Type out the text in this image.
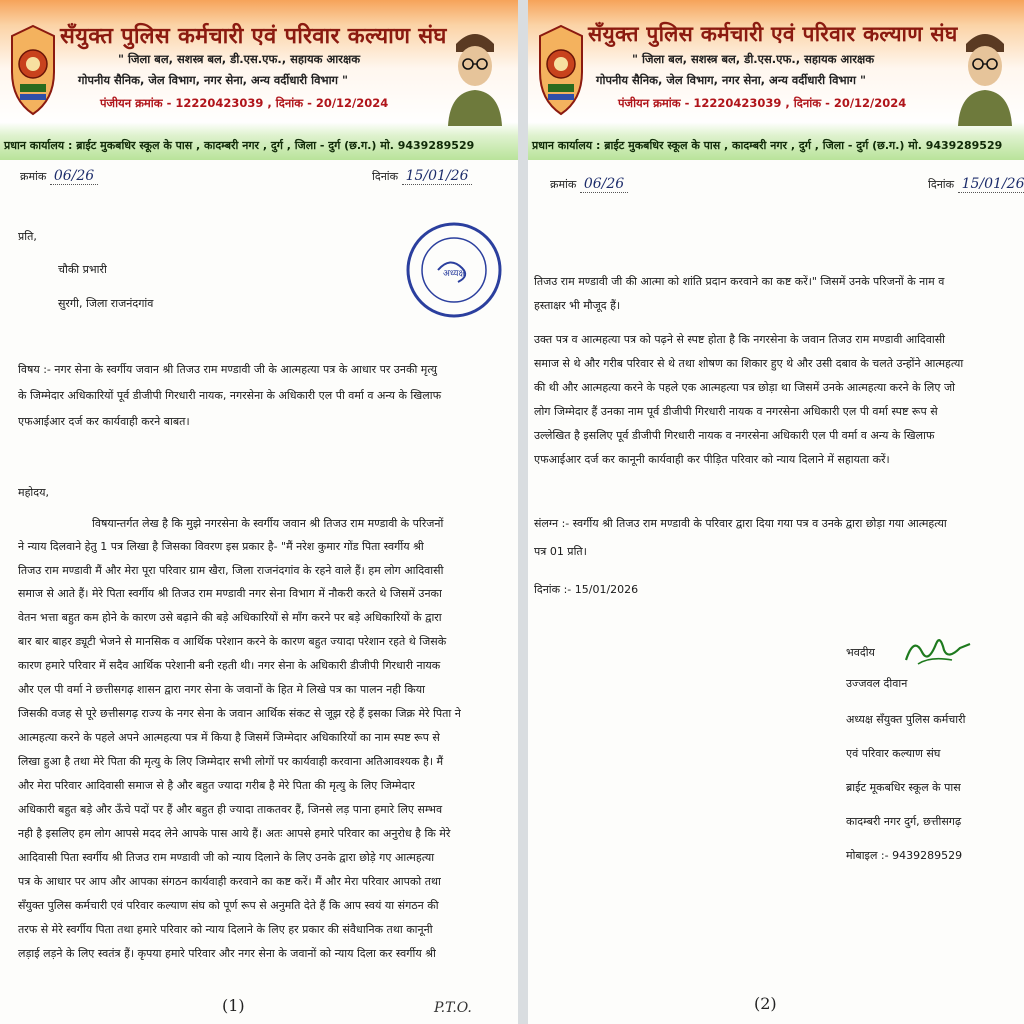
सँयुक्त पुलिस कर्मचारी एवं परिवार कल्याण संघ
" जिला बल, सशस्त्र बल, डी.एस.एफ., सहायक आरक्षक
गोपनीय सैनिक, जेल विभाग, नगर सेना, अन्य वर्दीधारी विभाग "
पंजीयन क्रमांक - 12220423039 , दिनांक - 20/12/2024
प्रधान कार्यालय : ब्राईट मुकबधिर स्कूल के पास , कादम्बरी नगर , दुर्ग , जिला - दुर्ग (छ.ग.) मो. 9439289529
क्रमांक 06/26	दिनांक 15/01/26
प्रति,
चौकी प्रभारी
सुरगी, जिला राजनंदगांव
अध्यक्ष
विषय :- नगर सेना के स्वर्गीय जवान श्री तिजउ राम मण्डावी जी के आत्महत्या पत्र के आधार पर उनकी मृत्यु
के जिम्मेदार अधिकारियों पूर्व डीजीपी गिरधारी नायक, नगरसेना के अधिकारी एल पी वर्मा व अन्य के खिलाफ
एफआईआर दर्ज कर कार्यवाही करने बाबत।
महोदय,
विषयान्तर्गत लेख है कि मुझे नगरसेना के स्वर्गीय जवान श्री तिजउ राम मण्डावी के परिजनों
ने न्याय दिलवाने हेतु 1 पत्र लिखा है जिसका विवरण इस प्रकार है- "मैं नरेश कुमार गोंड पिता स्वर्गीय श्री
तिजउ राम मण्डावी मैं और मेरा पूरा परिवार ग्राम खैरा, जिला राजनंदगांव के रहने वाले हैं। हम लोग आदिवासी
समाज से आते हैं। मेरे पिता स्वर्गीय श्री तिजउ राम मण्डावी नगर सेना विभाग में नौकरी करते थे जिसमें उनका
वेतन भत्ता बहुत कम होने के कारण उसे बढ़ाने की बड़े अधिकारियों से माँग करने पर बड़े अधिकारियों के द्वारा
बार बार बाहर ड्यूटी भेजने से मानसिक व आर्थिक परेशान करने के कारण बहुत ज्यादा परेशान रहते थे जिसके
कारण हमारे परिवार में सदैव आर्थिक परेशानी बनी रहती थी। नगर सेना के अधिकारी डीजीपी गिरधारी नायक
और एल पी वर्मा ने छत्तीसगढ़ शासन द्वारा नगर सेना के जवानों के हित मे लिखे पत्र का पालन नही किया
जिसकी वजह से पूरे छत्तीसगढ़ राज्य के नगर सेना के जवान आर्थिक संकट से जूझ रहे हैं इसका जिक्र मेरे पिता ने
आत्महत्या करने के पहले अपने आत्महत्या पत्र में किया है जिसमें जिम्मेदार अधिकारियों का नाम स्पष्ट रूप से
लिखा हुआ है तथा मेरे पिता की मृत्यु के लिए जिम्मेदार सभी लोगों पर कार्यवाही करवाना अतिआवश्यक है। मैं
और मेरा परिवार आदिवासी समाज से है और बहुत ज्यादा गरीब है मेरे पिता की मृत्यु के लिए जिम्मेदार
अधिकारी बहुत बड़े और ऊँचे पदों पर हैं और बहुत ही ज्यादा ताकतवर हैं, जिनसे लड़ पाना हमारे लिए सम्भव
नही है इसलिए हम लोग आपसे मदद लेने आपके पास आये हैं। अतः आपसे हमारे परिवार का अनुरोध है कि मेरे
आदिवासी पिता स्वर्गीय श्री तिजउ राम मण्डावी जी को न्याय दिलाने के लिए उनके द्वारा छोड़े गए आत्महत्या
पत्र के आधार पर आप और आपका संगठन कार्यवाही करवाने का कष्ट करें। मैं और मेरा परिवार आपको तथा
सँयुक्त पुलिस कर्मचारी एवं परिवार कल्याण संघ को पूर्ण रूप से अनुमति देते हैं कि आप स्वयं या संगठन की
तरफ से मेरे स्वर्गीय पिता तथा हमारे परिवार को न्याय दिलाने के लिए हर प्रकार की संवैधानिक तथा कानूनी
लड़ाई लड़ने के लिए स्वतंत्र हैं। कृपया हमारे परिवार और नगर सेना के जवानों को न्याय दिला कर स्वर्गीय श्री
(1)	P.T.O.
सँयुक्त पुलिस कर्मचारी एवं परिवार कल्याण संघ
" जिला बल, सशस्त्र बल, डी.एस.एफ., सहायक आरक्षक
गोपनीय सैनिक, जेल विभाग, नगर सेना, अन्य वर्दीधारी विभाग "
पंजीयन क्रमांक - 12220423039 , दिनांक - 20/12/2024
प्रधान कार्यालय : ब्राईट मुकबधिर स्कूल के पास , कादम्बरी नगर , दुर्ग , जिला - दुर्ग (छ.ग.) मो. 9439289529
क्रमांक 06/26	दिनांक 15/01/26
तिजउ राम मण्डावी जी की आत्मा को शांति प्रदान करवाने का कष्ट करें।" जिसमें उनके परिजनों के नाम व
हस्ताक्षर भी मौजूद हैं।
उक्त पत्र व आत्महत्या पत्र को पढ़ने से स्पष्ट होता है कि नगरसेना के जवान तिजउ राम मण्डावी आदिवासी
समाज से थे और गरीब परिवार से थे तथा शोषण का शिकार हुए थे और उसी दबाव के चलते उन्होंने आत्महत्या
की थी और आत्महत्या करने के पहले एक आत्महत्या पत्र छोड़ा था जिसमें उनके आत्महत्या करने के लिए जो
लोग जिम्मेदार हैं उनका नाम पूर्व डीजीपी गिरधारी नायक व नगरसेना अधिकारी एल पी वर्मा स्पष्ट रूप से
उल्लेखित है इसलिए पूर्व डीजीपी गिरधारी नायक व नगरसेना अधिकारी एल पी वर्मा व अन्य के खिलाफ
एफआईआर दर्ज कर कानूनी कार्यवाही कर पीड़ित परिवार को न्याय दिलाने में सहायता करें।
संलग्न :- स्वर्गीय श्री तिजउ राम मण्डावी के परिवार द्वारा दिया गया पत्र व उनके द्वारा छोड़ा गया आत्महत्या
पत्र 01 प्रति।
दिनांक :- 15/01/2026
भवदीय
उज्जवल दीवान
अध्यक्ष सँयुक्त पुलिस कर्मचारी
एवं परिवार कल्याण संघ
ब्राईट मूकबधिर स्कूल के पास
कादम्बरी नगर दुर्ग, छत्तीसगढ़
मोबाइल :- 9439289529
(2)
